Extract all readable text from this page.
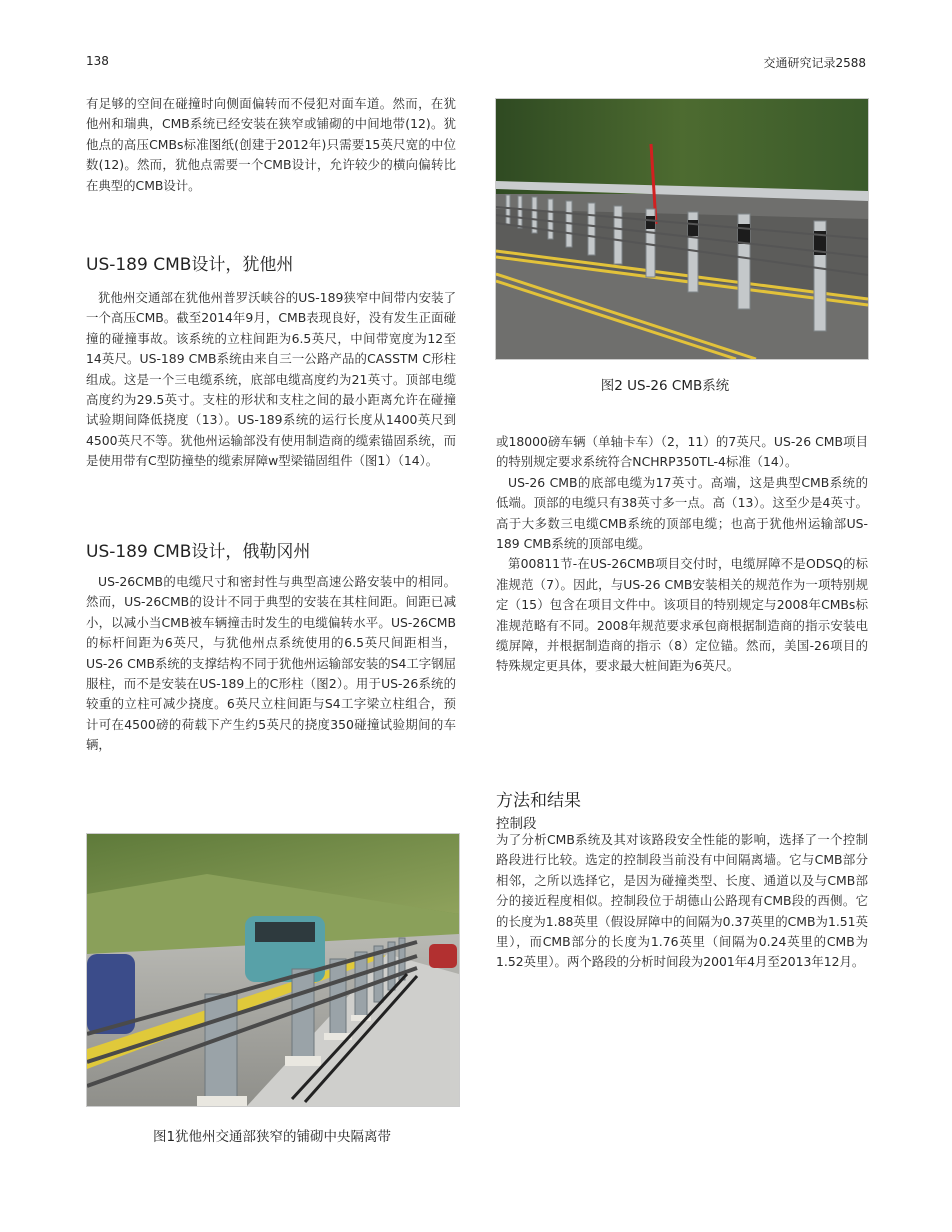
138	交通研究记录2588

有足够的空间在碰撞时向侧面偏转而不侵犯对面车道。然而，在犹他州和瑞典，CMB系统已经安装在狭窄或铺砌的中间地带(12)。犹他点的高压CMBs标准图纸(创建于2012年)只需要15英尺宽的中位数(12)。然而，犹他点需要一个CMB设计，允许较少的横向偏转比在典型的CMB设计。

US-189 CMB设计，犹他州

犹他州交通部在犹他州普罗沃峡谷的US-189狭窄中间带内安装了一个高压CMB。截至2014年9月，CMB表现良好，没有发生正面碰撞的碰撞事故。该系统的立柱间距为6.5英尺，中间带宽度为12至14英尺。US-189 CMB系统由来自三一公路产品的CASSTM C形柱组成。这是一个三电缆系统，底部电缆高度约为21英寸。顶部电缆高度约为29.5英寸。支柱的形状和支柱之间的最小距离允许在碰撞试验期间降低挠度（13）。US-189系统的运行长度从1400英尺到4500英尺不等。犹他州运输部没有使用制造商的缆索锚固系统，而是使用带有C型防撞垫的缆索屏障w型梁锚固组件（图1）（14）。

US-189 CMB设计，俄勒冈州

US-26CMB的电缆尺寸和密封性与典型高速公路安装中的相同。然而，US-26CMB的设计不同于典型的安装在其柱间距。间距已减小，以减小当CMB被车辆撞击时发生的电缆偏转水平。US-26CMB的标杆间距为6英尺，与犹他州点系统使用的6.5英尺间距相当，US-26 CMB系统的支撑结构不同于犹他州运输部安装的S4工字钢屈服柱，而不是安装在US-189上的C形柱（图2）。用于US-26系统的较重的立柱可减少挠度。6英尺立柱间距与S4工字梁立柱组合，预计可在4500磅的荷载下产生约5英尺的挠度350碰撞试验期间的车辆，

图1犹他州交通部狭窄的铺砌中央隔离带
图2 US-26 CMB系统

或18000磅车辆（单轴卡车）（2，11）的7英尺。US-26 CMB项目的特别规定要求系统符合NCHRP350TL-4标准（14）。

US-26 CMB的底部电缆为17英寸。高端，这是典型CMB系统的低端。顶部的电缆只有38英寸多一点。高（13）。这至少是4英寸。高于大多数三电缆CMB系统的顶部电缆；也高于犹他州运输部US-189 CMB系统的顶部电缆。

第00811节-在US-26CMB项目交付时，电缆屏障不是ODSQ的标准规范（7）。因此，与US-26 CMB安装相关的规范作为一项特别规定（15）包含在项目文件中。该项目的特别规定与2008年CMBs标准规范略有不同。2008年规范要求承包商根据制造商的指示安装电缆屏障，并根据制造商的指示（8）定位锚。然而，美国-26项目的特殊规定更具体，要求最大桩间距为6英尺。

方法和结果
控制段

为了分析CMB系统及其对该路段安全性能的影响，选择了一个控制路段进行比较。选定的控制段当前没有中间隔离墙。它与CMB部分相邻，之所以选择它，是因为碰撞类型、长度、通道以及与CMB部分的接近程度相似。控制段位于胡德山公路现有CMB段的西侧。它的长度为1.88英里（假设屏障中的间隔为0.37英里的CMB为1.51英里），而CMB部分的长度为1.76英里（间隔为0.24英里的CMB为1.52英里）。两个路段的分析时间段为2001年4月至2013年12月。
